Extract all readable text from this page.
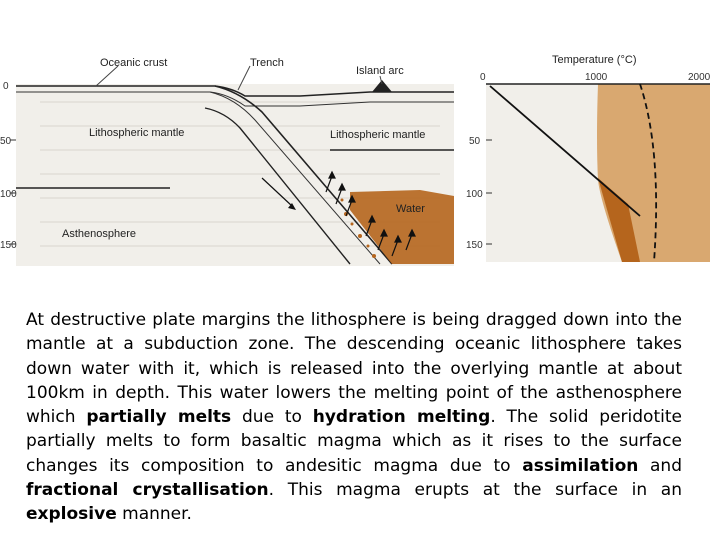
0
50
100
150
Oceanic crust	Trench
Island arc
Lithospheric mantle	Lithospheric mantle
Asthenosphere
Water
Temperature (°C)
0	1000	2000
50
100
150

At destructive plate margins the lithosphere is being dragged down into the mantle at a subduction zone. The descending oceanic lithosphere takes down water with it, which is released into the overlying mantle at about 100km in depth. This water lowers the melting point of the asthenosphere which partially melts due to hydration melting. The solid peridotite partially melts to form basaltic magma which as it rises to the surface changes its composition to andesitic magma due to assimilation and fractional crystallisation. This magma erupts at the surface in an explosive manner.
